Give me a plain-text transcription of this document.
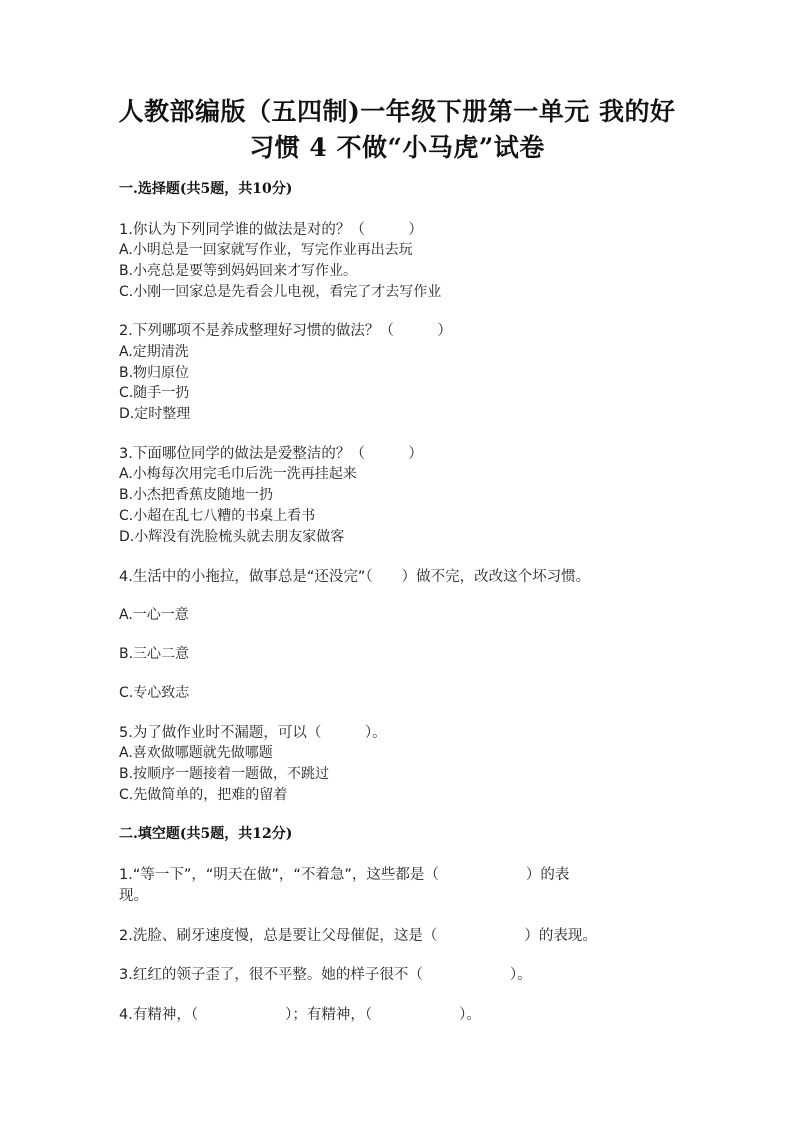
人教部编版（五四制)一年级下册第一单元 我的好
习惯 4 不做“小马虎”试卷
一.选择题(共5题，共10分)
1.你认为下列同学谁的做法是对的？（　　　）
A.小明总是一回家就写作业，写完作业再出去玩
B.小亮总是要等到妈妈回来才写作业。
C.小刚一回家总是先看会儿电视，看完了才去写作业
2.下列哪项不是养成整理好习惯的做法？（　　　）
A.定期清洗
B.物归原位
C.随手一扔
D.定时整理
3.下面哪位同学的做法是爱整洁的？（　　　）
A.小梅每次用完毛巾后洗一洗再挂起来
B.小杰把香蕉皮随地一扔
C.小超在乱七八糟的书桌上看书
D.小辉没有洗脸梳头就去朋友家做客
4.生活中的小拖拉，做事总是“还没完”（　　）做不完，改改这个坏习惯。
A.一心一意
B.三心二意
C.专心致志
5.为了做作业时不漏题，可以（　　　）。
A.喜欢做哪题就先做哪题
B.按顺序一题接着一题做，不跳过
C.先做简单的，把难的留着
二.填空题(共5题，共12分)
1.“等一下”，“明天在做”，“不着急”，这些都是（　　　　　　）的表
现。
2.洗脸、刷牙速度慢，总是要让父母催促，这是（　　　　　　）的表现。
3.红红的领子歪了，很不平整。她的样子很不（　　　　　　）。
4.有精神，（　　　　　　）；有精神，（　　　　　　）。
